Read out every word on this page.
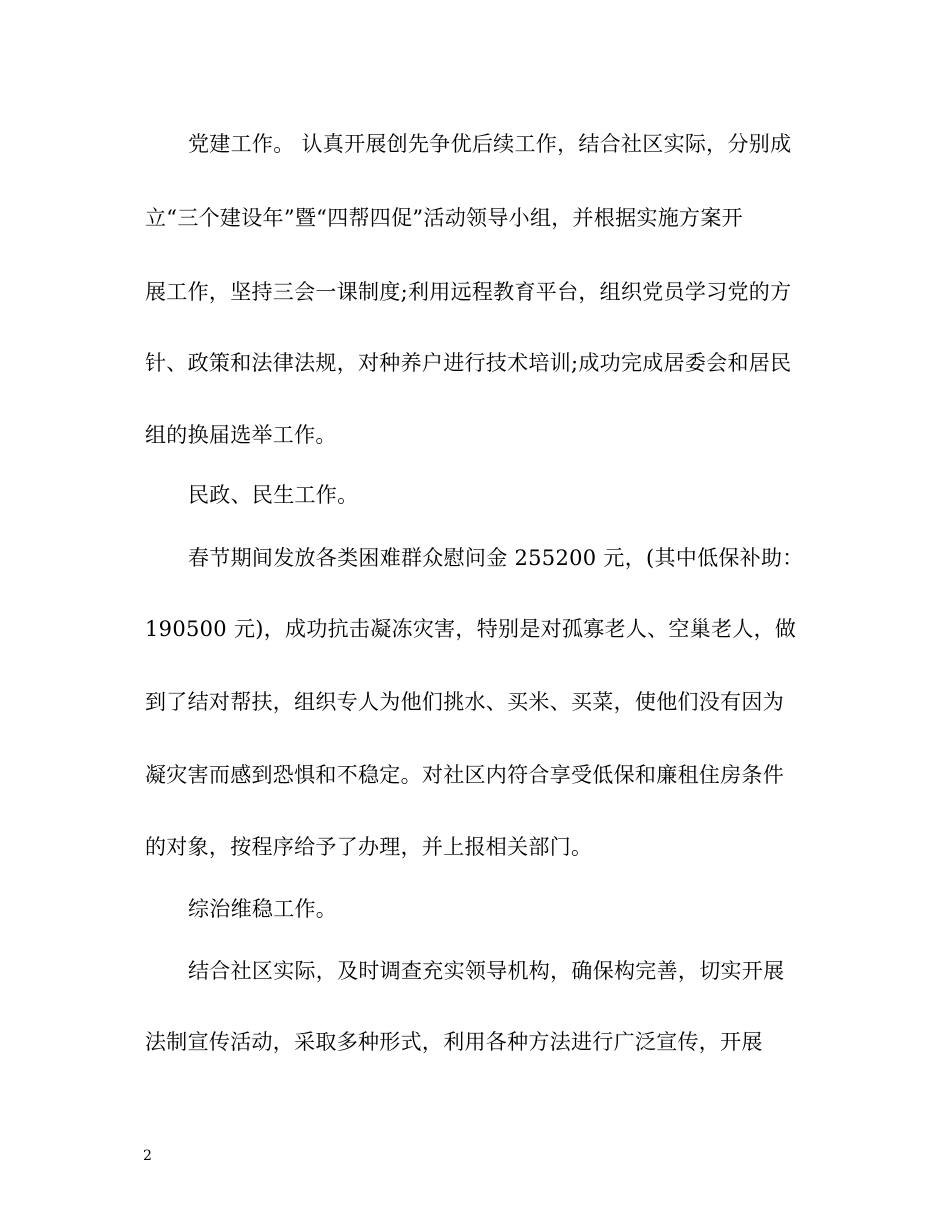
党建工作。 认真开展创先争优后续工作，结合社区实际，分别成
立“三个建设年”暨“四帮四促”活动领导小组，并根据实施方案开
展工作，坚持三会一课制度;利用远程教育平台，组织党员学习党的方
针、政策和法律法规，对种养户进行技术培训;成功完成居委会和居民
组的换届选举工作。
民政、民生工作。
春节期间发放各类困难群众慰问金 255200 元，(其中低保补助：
190500 元)，成功抗击凝冻灾害，特别是对孤寡老人、空巢老人，做
到了结对帮扶，组织专人为他们挑水、买米、买菜，使他们没有因为
凝灾害而感到恐惧和不稳定。对社区内符合享受低保和廉租住房条件
的对象，按程序给予了办理，并上报相关部门。
综治维稳工作。
结合社区实际，及时调查充实领导机构，确保构完善，切实开展
法制宣传活动，采取多种形式，利用各种方法进行广泛宣传，开展
2
